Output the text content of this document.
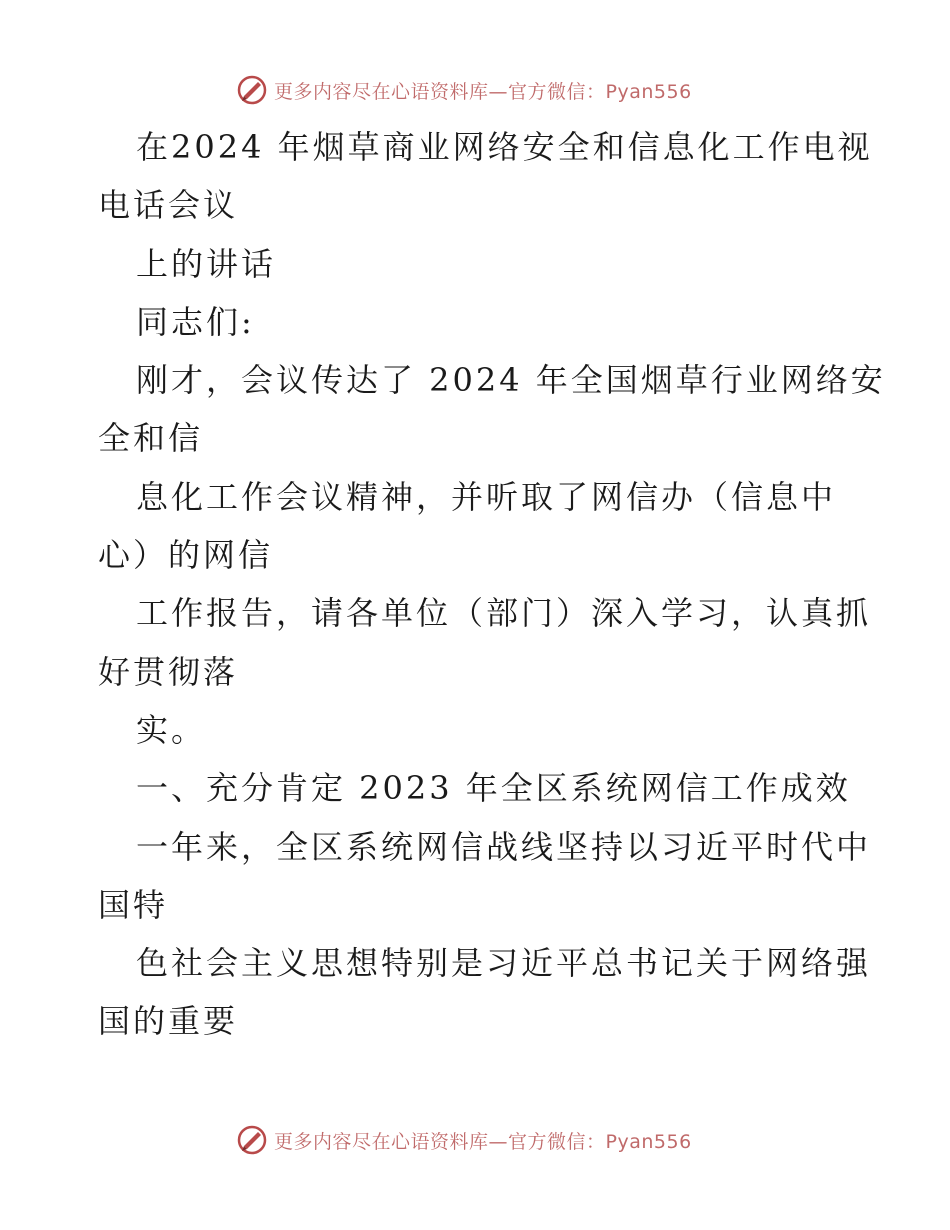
更多内容尽在心语资料库—官方微信：Pyan556
在2024 年烟草商业网络安全和信息化工作电视
电话会议
上的讲话
同志们:
刚才，会议传达了 2024 年全国烟草行业网络安
全和信
息化工作会议精神，并听取了网信办（信息中
心）的网信
工作报告，请各单位（部门）深入学习，认真抓
好贯彻落
实。
一、充分肯定 2023 年全区系统网信工作成效
一年来，全区系统网信战线坚持以习近平时代中
国特
色社会主义思想特别是习近平总书记关于网络强
国的重要
更多内容尽在心语资料库—官方微信：Pyan556
